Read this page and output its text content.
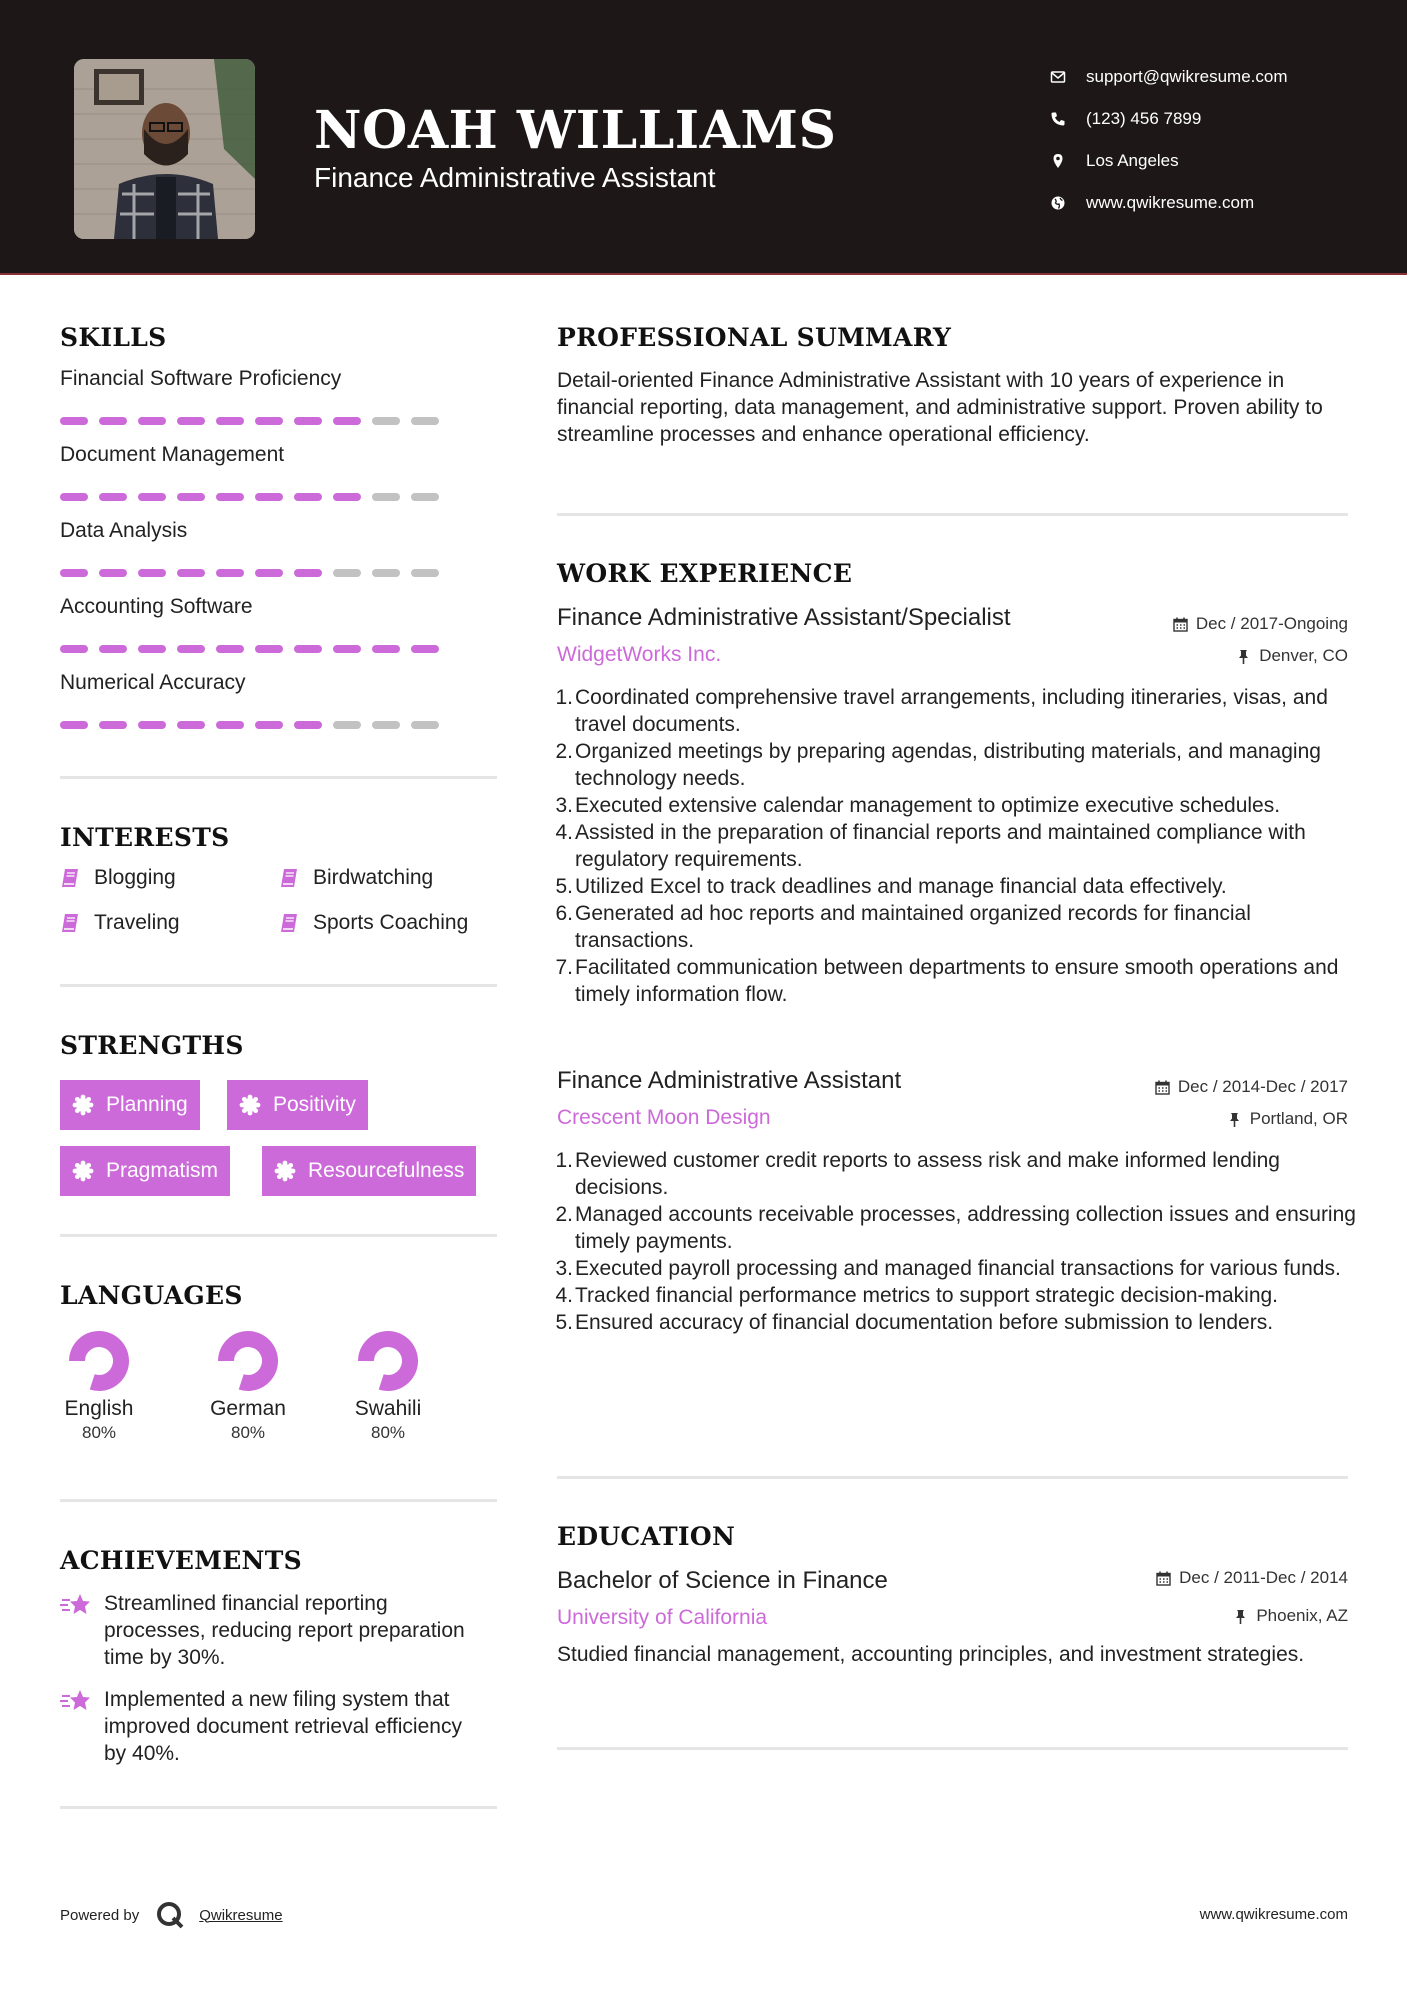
NOAH WILLIAMS
Finance Administrative Assistant
support@qwikresume.com
(123) 456 7899
Los Angeles
www.qwikresume.com
SKILLS
Financial Software Proficiency
Document Management
Data Analysis
Accounting Software
Numerical Accuracy
INTERESTS
Blogging	Birdwatching
Traveling	Sports Coaching
STRENGTHS
Planning	Positivity
Pragmatism	Resourcefulness
LANGUAGES
English
80%
German
80%
Swahili
80%
ACHIEVEMENTS
Streamlined financial reporting processes, reducing report preparation time by 30%.
Implemented a new filing system that improved document retrieval efficiency by 40%.
PROFESSIONAL SUMMARY
Detail-oriented Finance Administrative Assistant with 10 years of experience in financial reporting, data management, and administrative support. Proven ability to streamline processes and enhance operational efficiency.
WORK EXPERIENCE
Finance Administrative Assistant/Specialist	Dec / 2017-Ongoing
WidgetWorks Inc.	Denver, CO
1. Coordinated comprehensive travel arrangements, including itineraries, visas, and travel documents.
2. Organized meetings by preparing agendas, distributing materials, and managing technology needs.
3. Executed extensive calendar management to optimize executive schedules.
4. Assisted in the preparation of financial reports and maintained compliance with regulatory requirements.
5. Utilized Excel to track deadlines and manage financial data effectively.
6. Generated ad hoc reports and maintained organized records for financial transactions.
7. Facilitated communication between departments to ensure smooth operations and timely information flow.
Finance Administrative Assistant	Dec / 2014-Dec / 2017
Crescent Moon Design	Portland, OR
1. Reviewed customer credit reports to assess risk and make informed lending decisions.
2. Managed accounts receivable processes, addressing collection issues and ensuring timely payments.
3. Executed payroll processing and managed financial transactions for various funds.
4. Tracked financial performance metrics to support strategic decision-making.
5. Ensured accuracy of financial documentation before submission to lenders.
EDUCATION
Bachelor of Science in Finance	Dec / 2011-Dec / 2014
University of California	Phoenix, AZ
Studied financial management, accounting principles, and investment strategies.
Powered by	Qwikresume	www.qwikresume.com
